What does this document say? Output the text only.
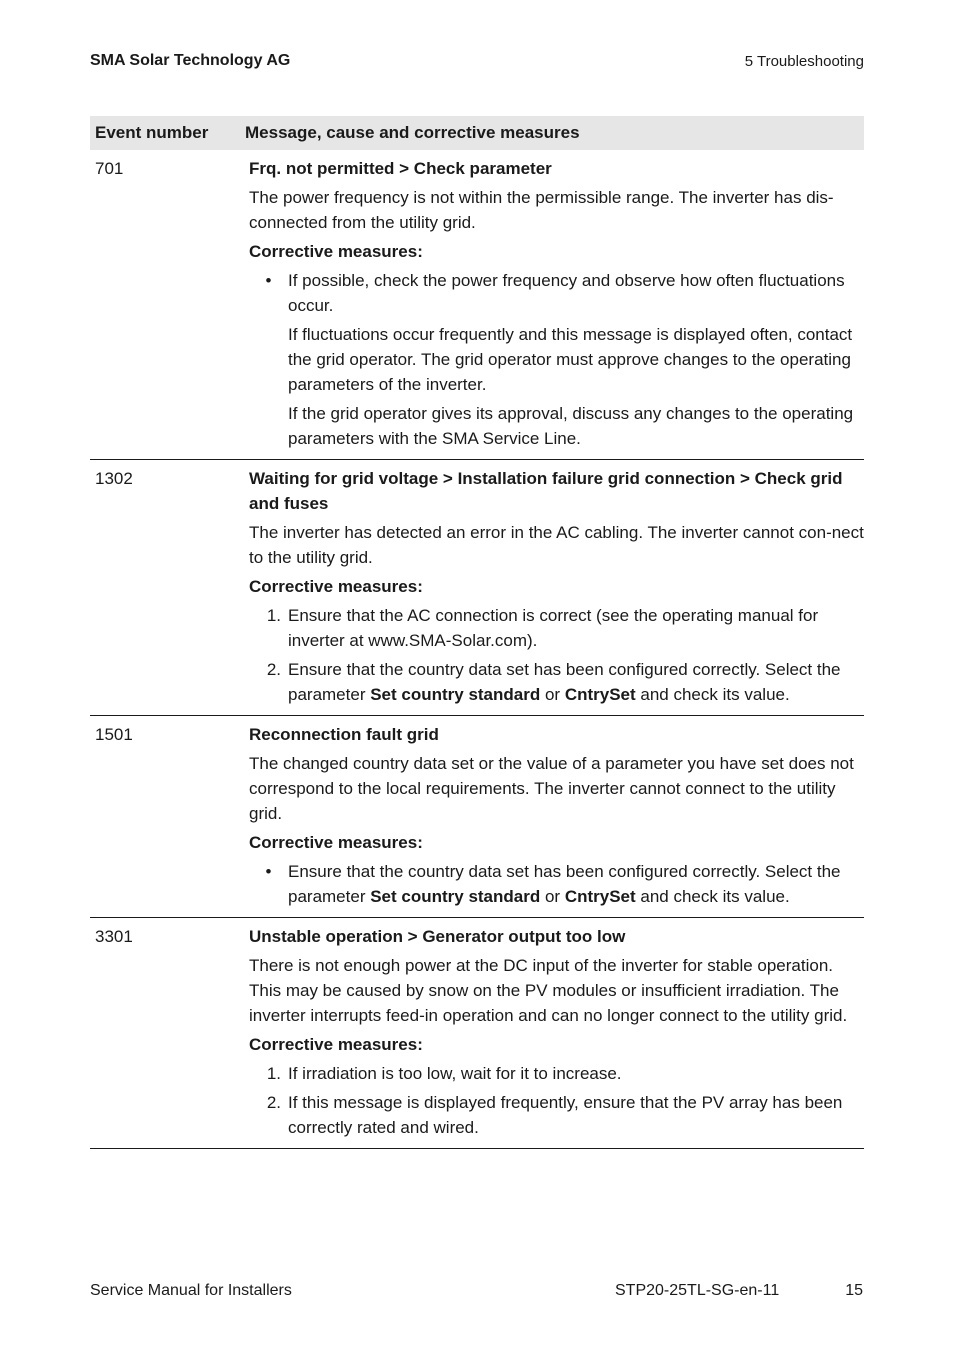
SMA Solar Technology AG	5 Troubleshooting
Event number	Message, cause and corrective measures
701	Frq. not permitted > Check parameter
The power frequency is not within the permissible range. The inverter has dis-connected from the utility grid.
Corrective measures:
• If possible, check the power frequency and observe how often fluctuations occur.
If fluctuations occur frequently and this message is displayed often, contact the grid operator. The grid operator must approve changes to the operating parameters of the inverter.
If the grid operator gives its approval, discuss any changes to the operating parameters with the SMA Service Line.
1302	Waiting for grid voltage > Installation failure grid connection > Check grid and fuses
The inverter has detected an error in the AC cabling. The inverter cannot con-nect to the utility grid.
Corrective measures:
1. Ensure that the AC connection is correct (see the operating manual for inverter at www.SMA-Solar.com).
2. Ensure that the country data set has been configured correctly. Select the parameter Set country standard or CntrySet and check its value.
1501	Reconnection fault grid
The changed country data set or the value of a parameter you have set does not correspond to the local requirements. The inverter cannot connect to the utility grid.
Corrective measures:
• Ensure that the country data set has been configured correctly. Select the parameter Set country standard or CntrySet and check its value.
3301	Unstable operation > Generator output too low
There is not enough power at the DC input of the inverter for stable operation. This may be caused by snow on the PV modules or insufficient irradiation. The inverter interrupts feed-in operation and can no longer connect to the utility grid.
Corrective measures:
1. If irradiation is too low, wait for it to increase.
2. If this message is displayed frequently, ensure that the PV array has been correctly rated and wired.
Service Manual for Installers	STP20-25TL-SG-en-11	15
